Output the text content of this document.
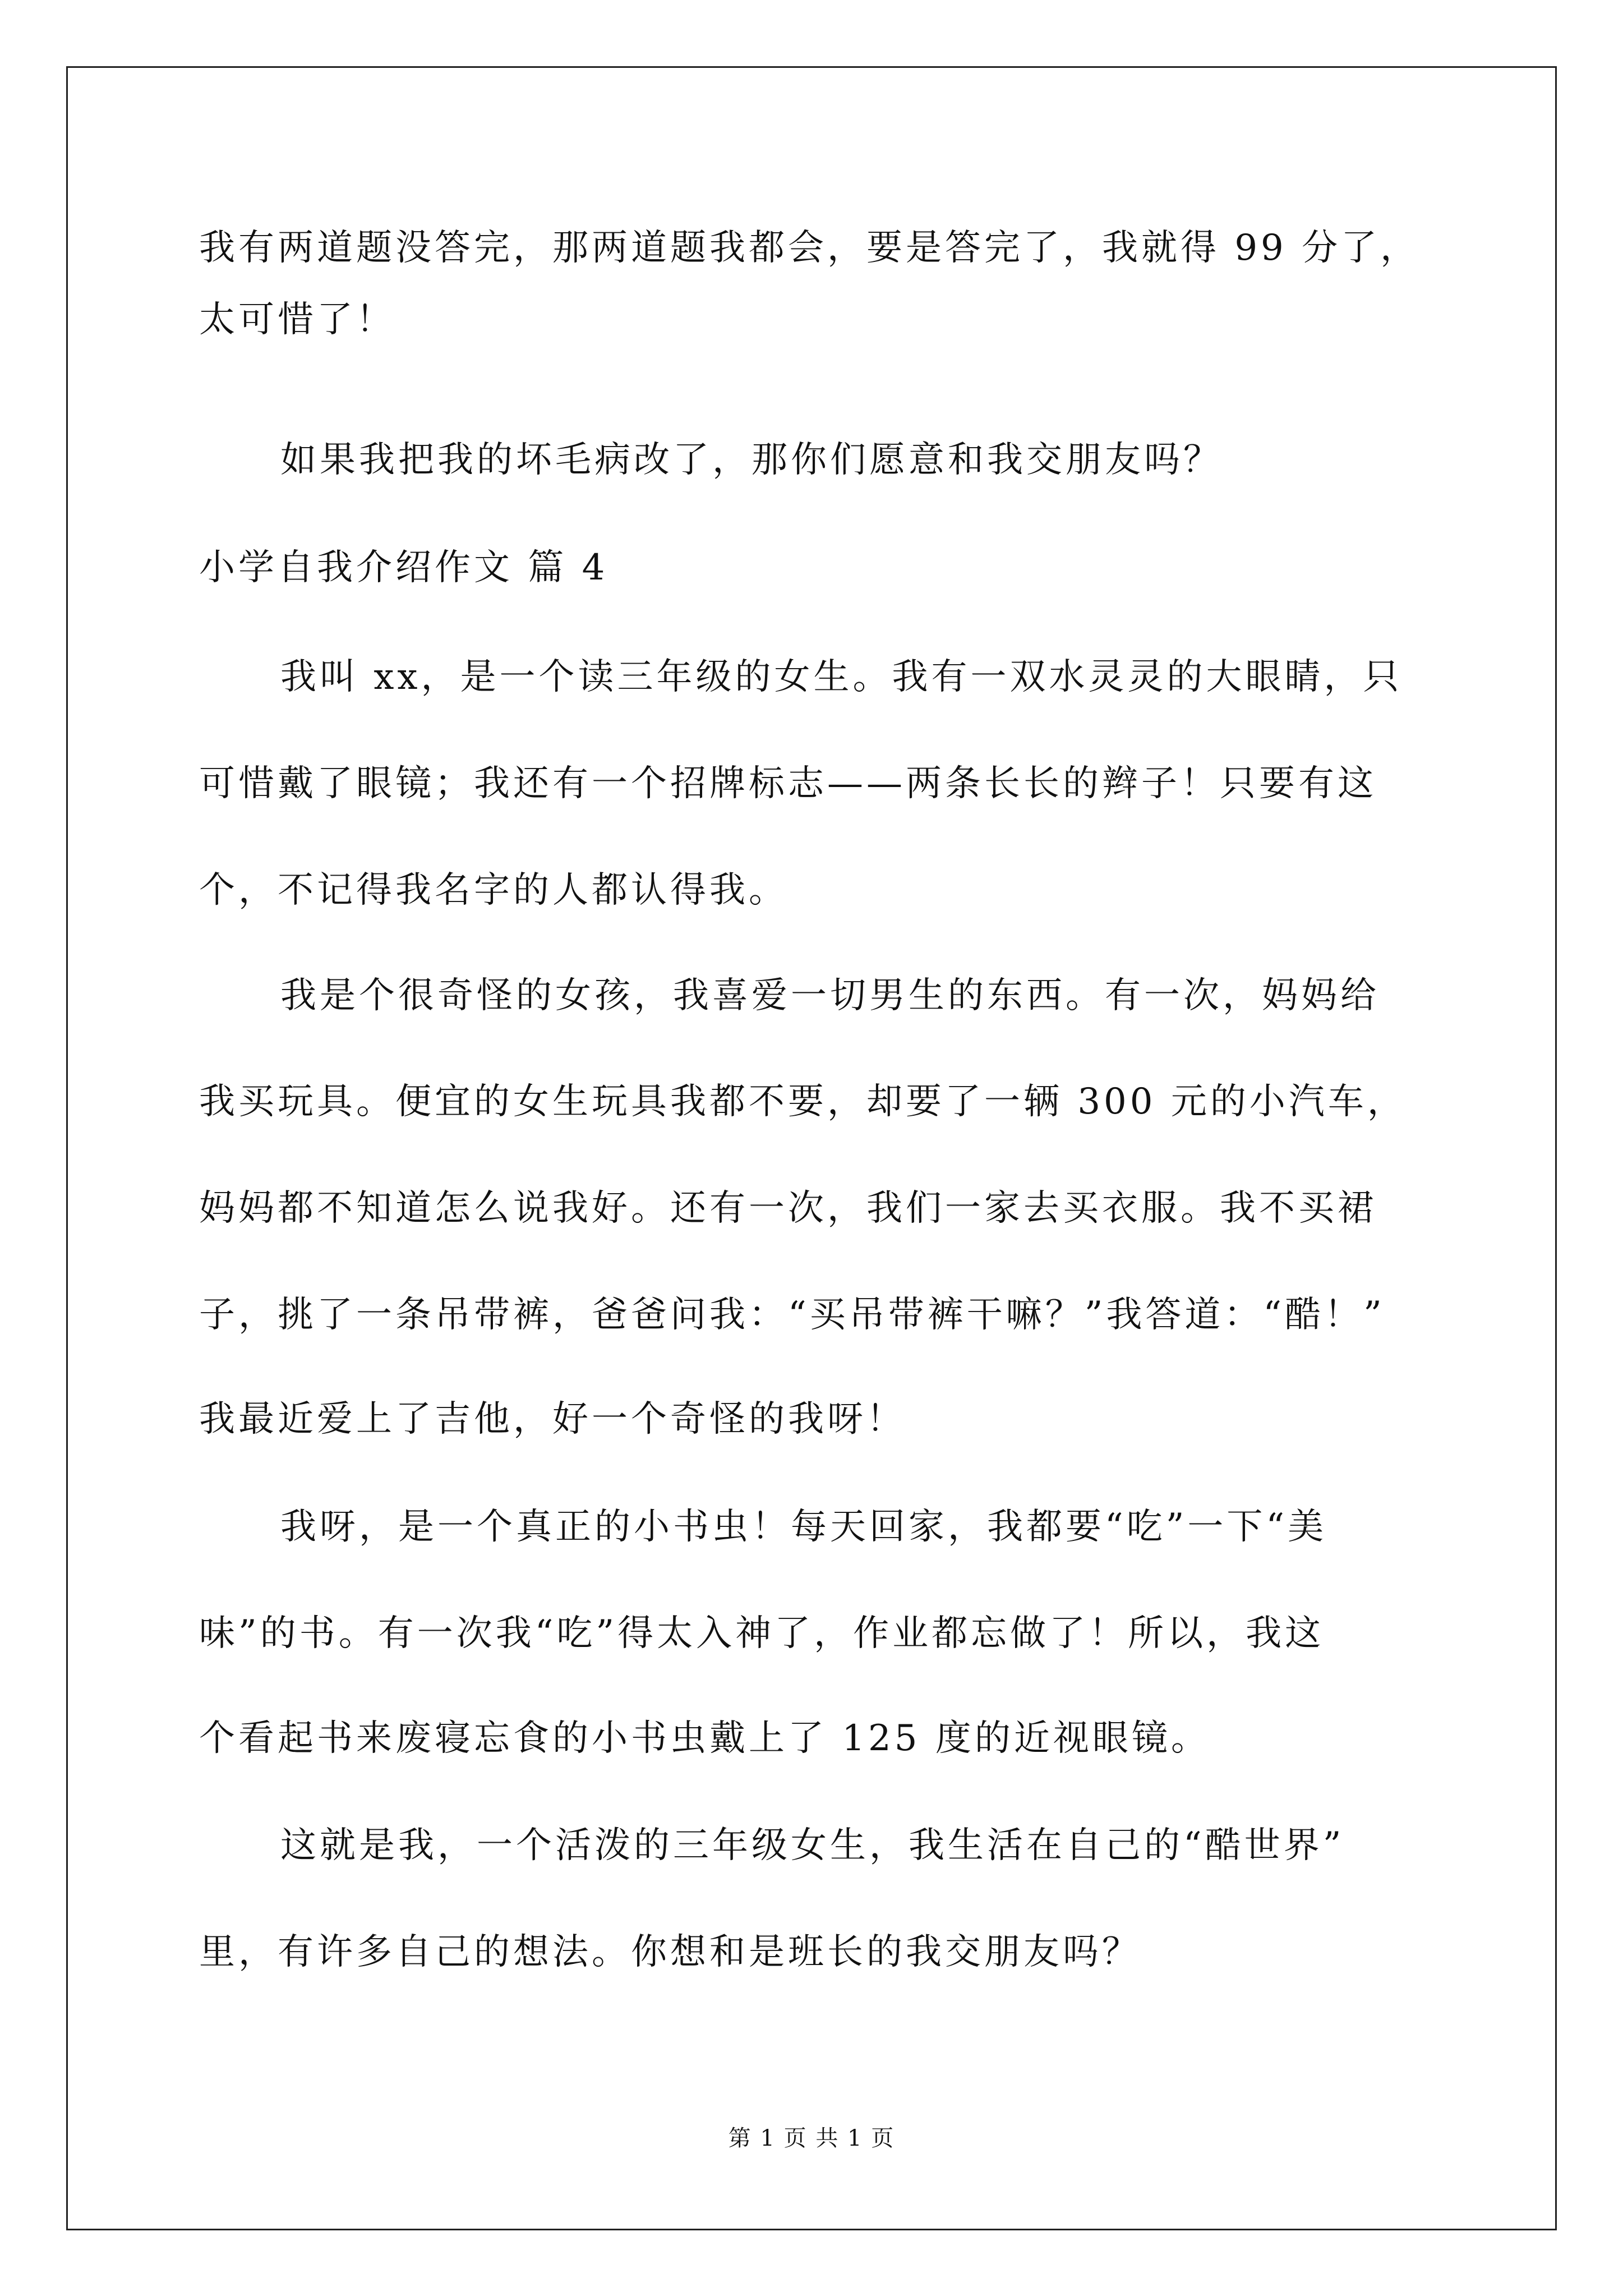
我有两道题没答完，那两道题我都会，要是答完了，我就得 99 分了，
太可惜了！
如果我把我的坏毛病改了，那你们愿意和我交朋友吗？
小学自我介绍作文 篇 4
我叫 xx，是一个读三年级的女生。我有一双水灵灵的大眼睛，只
可惜戴了眼镜；我还有一个招牌标志——两条长长的辫子！只要有这
个，不记得我名字的人都认得我。
我是个很奇怪的女孩，我喜爱一切男生的东西。有一次，妈妈给
我买玩具。便宜的女生玩具我都不要，却要了一辆 300 元的小汽车，
妈妈都不知道怎么说我好。还有一次，我们一家去买衣服。我不买裙
子，挑了一条吊带裤，爸爸问我：“买吊带裤干嘛？”我答道：“酷！”
我最近爱上了吉他，好一个奇怪的我呀！
我呀，是一个真正的小书虫！每天回家，我都要“吃”一下“美
味”的书。有一次我“吃”得太入神了，作业都忘做了！所以，我这
个看起书来废寝忘食的小书虫戴上了 125 度的近视眼镜。
这就是我，一个活泼的三年级女生，我生活在自己的“酷世界”
里，有许多自己的想法。你想和是班长的我交朋友吗？
第 1 页 共 1 页
